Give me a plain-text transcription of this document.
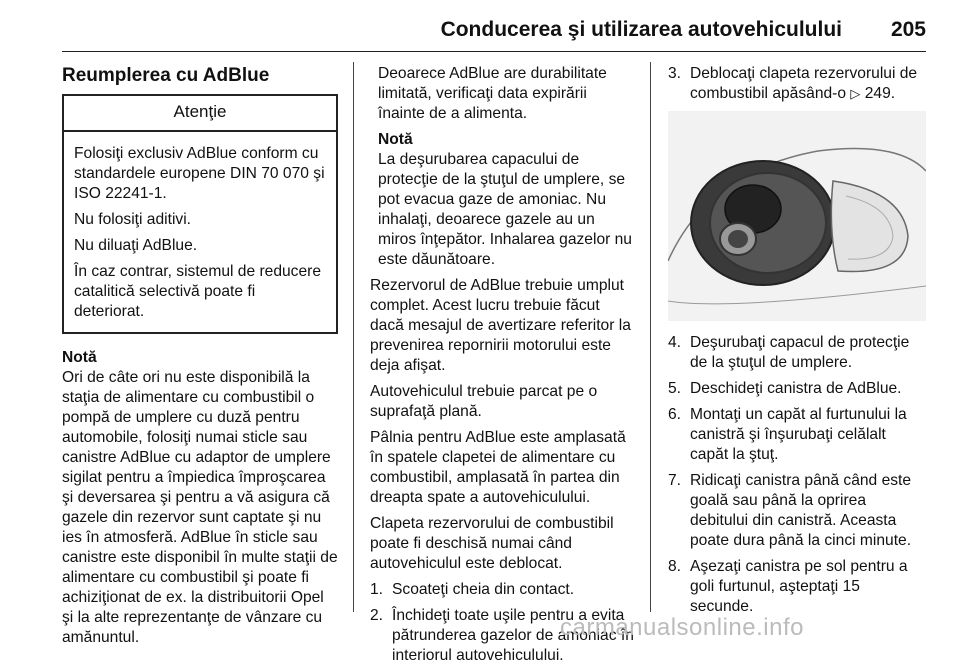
Conducerea şi utilizarea autovehiculului 205
Reumplerea cu AdBlue
Atenţie

Folosiţi exclusiv AdBlue conform cu standardele europene DIN 70 070 şi ISO 22241-1.

Nu folosiţi aditivi.

Nu diluaţi AdBlue.

În caz contrar, sistemul de reducere catalitică selectivă poate fi deteriorat.

Notă
Ori de câte ori nu este disponibilă la staţia de alimentare cu combustibil o pompă de umplere cu duză pentru automobile, folosiţi numai sticle sau canistre AdBlue cu adaptor de umplere sigilat pentru a împiedica împroşcarea şi deversarea şi pentru a vă asigura că gazele din rezervor sunt captate şi nu ies în atmosferă. AdBlue în sticle sau canistre este disponibil în multe staţii de alimentare cu combustibil şi poate fi achiziţionat de ex. la distribuitorii Opel şi la alte reprezentanţe de vânzare cu amănuntul.

Deoarece AdBlue are durabilitate limitată, verificaţi data expirării înainte de a alimenta.

Notă
La deşurubarea capacului de protecţie de la ştuţul de umplere, se pot evacua gaze de amoniac. Nu inhalaţi, deoarece gazele au un miros înţepător. Inhalarea gazelor nu este dăunătoare.

Rezervorul de AdBlue trebuie umplut complet. Acest lucru trebuie făcut dacă mesajul de avertizare referitor la prevenirea repornirii motorului este deja afişat.

Autovehiculul trebuie parcat pe o suprafaţă plană.

Pâlnia pentru AdBlue este amplasată în spatele clapetei de alimentare cu combustibil, amplasată în partea din dreapta spate a autovehiculului.

Clapeta rezervorului de combustibil poate fi deschisă numai când autovehiculul este deblocat.

1. Scoateţi cheia din contact.
2. Închideţi toate uşile pentru a evita pătrunderea gazelor de amoniac în interiorul autovehiculului.
3. Deblocaţi clapeta rezervorului de combustibil apăsând-o ▷ 249.
4. Deşurubaţi capacul de protecţie de la ştuţul de umplere.
5. Deschideţi canistra de AdBlue.
6. Montaţi un capăt al furtunului la canistră şi înşurubaţi celălalt capăt la ştuţ.
7. Ridicaţi canistra până când este goală sau până la oprirea debitului din canistră. Aceasta poate dura până la cinci minute.
8. Aşezaţi canistra pe sol pentru a goli furtunul, aşteptaţi 15 secunde.
carmanualsonline.info
